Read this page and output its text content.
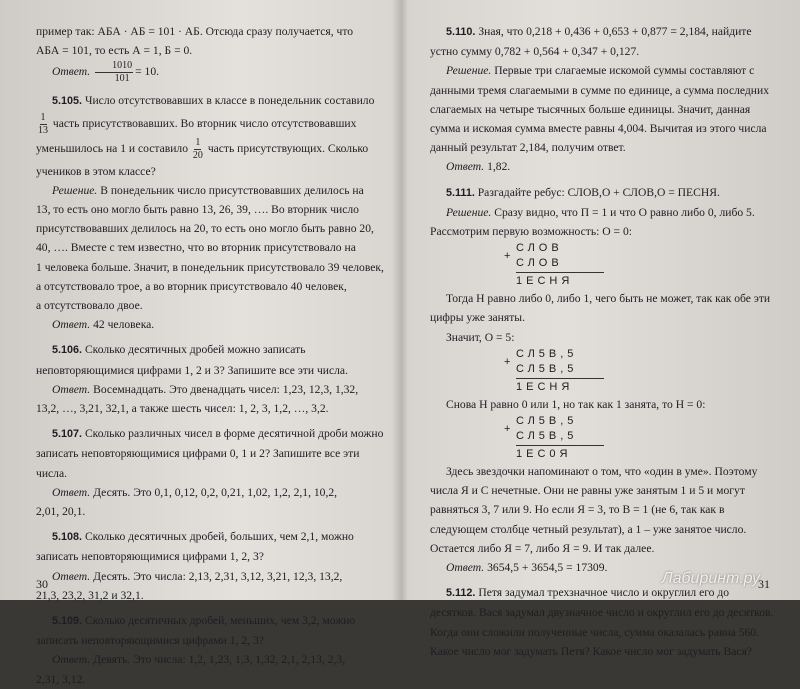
пример так: АБА · АБ = 101 · АБ. Отсюда сразу получается, что

АБА = 101, то есть А = 1, Б = 0.

Ответ. $\frac{1010}{101} = 10$.

5.105. Число отсутствовавших в классе в понедельник составило

$\frac{1}{13}$ часть присутствовавших. Во вторник число отсутствовавших

уменьшилось на 1 и составило $\frac{1}{20}$ часть присутствующих. Сколько

учеников в этом классе?

Решение. В понедельник число присутствовавших делилось на

13, то есть оно могло быть равно 13, 26, 39, …. Во вторник число

присутствовавших делилось на 20, то есть оно могло быть равно 20,

40, …. Вместе с тем известно, что во вторник присутствовало на

1 человека больше. Значит, в понедельник присутствовало 39 человек,

а отсутствовало трое, а во вторник присутствовало 40 человек,

а отсутствовало двое.

Ответ. 42 человека.

5.106. Сколько десятичных дробей можно записать неповторяющимися цифрами 1, 2 и 3? Запишите все эти числа.

Ответ. Восемнадцать. Это двенадцать чисел: 1,23, 12,3, 1,32,

13,2, …, 3,21, 32,1, а также шесть чисел: 1, 2, 3, 1,2, …, 3,2.

5.107. Сколько различных чисел в форме десятичной дроби можно записать неповторяющимися цифрами 0, 1 и 2? Запишите все эти числа.

Ответ. Десять. Это 0,1, 0,12, 0,2, 0,21, 1,02, 1,2, 2,1, 10,2,

2,01, 20,1.

5.108. Сколько десятичных дробей, больших, чем 2,1, можно записать неповторяющимися цифрами 1, 2, 3?

Ответ. Десять. Это числа: 2,13, 2,31, 3,12, 3,21, 12,3, 13,2,

21,3, 23,2, 31,2 и 32,1.

5.109. Сколько десятичных дробей, меньших, чем 3,2, можно записать неповторяющимися цифрами 1, 2, 3?

Ответ. Девять. Это числа: 1,2, 1,23, 1,3, 1,32, 2,1, 2,13, 2,3,

2,31, 3,12.

30

5.110. Зная, что 0,218 + 0,436 + 0,653 + 0,877 = 2,184, найдите устно сумму 0,782 + 0,564 + 0,347 + 0,127.

Решение. Первые три слагаемые искомой суммы составляют с данными тремя слагаемыми в сумме по единице, а сумма последних слагаемых на четыре тысячных больше единицы. Значит, данная сумма и искомая сумма вместе равны 4,004. Вычитая из этого числа данный результат 2,184, получим ответ.

Ответ. 1,82.

5.111. Разгадайте ребус: СЛОВ,О + СЛОВ,О = ПЕСНЯ.

Решение. Сразу видно, что П = 1 и что О равно либо 0, либо 5. Рассмотрим первую возможность: О = 0:

+
СЛОВ
СЛОВ
1ЕСНЯ

Тогда Н равно либо 0, либо 1, чего быть не может, так как обе эти цифры уже заняты.

Значит, О = 5:

+
СЛ5В,5
СЛ5В,5
1ЕСНЯ

Снова Н равно 0 или 1, но так как 1 занята, то Н = 0:

+
СЛ5В,5
СЛ5В,5
1ЕС0Я

Здесь звездочки напоминают о том, что «один в уме». Поэтому числа Я и С нечетные. Они не равны уже занятым 1 и 5 и могут равняться 3, 7 или 9. Но если Я = 3, то В = 1 (не 6, так как в следующем столбце четный результат), а 1 – уже занятое число. Остается либо Я = 7, либо Я = 9. И так далее.

Ответ. 3654,5 + 3654,5 = 17309.

5.112. Петя задумал трехзначное число и округлил его до десятков. Вася задумал двузначное число и округлил его до десятков. Когда они сложили полученные числа, сумма оказалась равна 560. Какое число мог задумать Петя? Какое число мог задумать Вася?

Лабиринт.ру
31
